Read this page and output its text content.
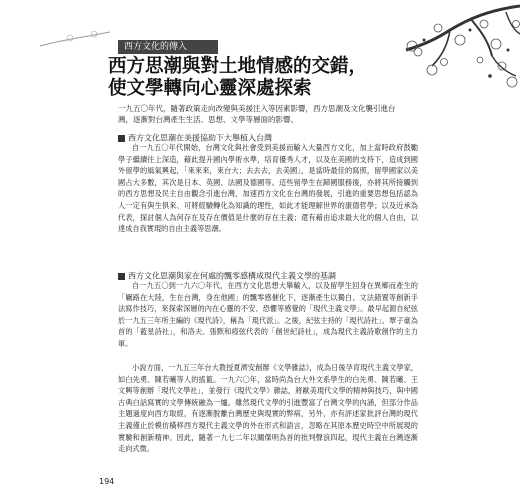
西方文化的傳入
西方思潮與對土地情感的交錯，
使文學轉向心靈深處探索
一九五〇年代，隨著政策走向改變與美援注入等因素影響，西方思潮及文化襲引進台灣，逐漸對台灣產生生活、思想、文學等層面的影響。
西方文化思潮在美援協助下大舉植入台灣
自一九五〇年代開始，台灣文化與社會受到美援而輸入大量西方文化，加上當時政府鼓勵學子繼續往上深造，藉此提升國內學術水準，培育優秀人才，以及在美國的支持下，造成到國外留學的風氣興起，「來來來，來台大；去去去，去美國」，是當時最佳的寫照，留學國家以美國占大多數，其次是日本、英國、法國及德國等。這些留學生在歸國服務後，亦將其所接觸到的西方思想及民主自由觀念引進台灣，加速西方文化在台灣的發展，引進的重要思想包括認為人一定有與生俱來、可將經驗轉化為知識的理性，如此才能理解世界的康德哲學；以及近承為代表，探討個人為何存在及存在價值是什麼的存在主義；還有藉由追求最大化的個人自由，以達成自我實現的自由主義等思潮。
西方文化思潮與家在何處的飄零感構成現代主義文學的基調
自一九五〇到一九六〇年代，在西方文化思想大舉輸入，以及留學生回身在異鄉而產生的「羈路在大陸，生在台灣，身在他國」的飄零感催化下，逐漸產生以獨白、文法錯置等創新手法寫作技巧，來探索深層的內在心靈的不安、恐懼等感覺的「現代主義文學」。最早起源自紀弦於一九五三年所主編的《現代詩》，稱為「現代派」。之後，紀弦主持的「現代詩社」、覃子豪為首的「藍星詩社」，和洛夫、張默和瘂弦代表的「創世紀詩社」，成為現代主義詩歌創作的主力軍。
小說方面，一九五三年台大教授夏濟安創辦《文學雜誌》，成為日後孕育現代主義文學家，如白先勇、陳若曦等人的搖籃。一九六〇年，當時尚為台大外文系學生的白先勇、陳若曦、王文興等創辦「現代文學社」，並發行《現代文學》雜誌，將歐美現代文學的精神與技巧，與中國古典白話寫實的文學傳統融為一爐。雖然現代文學的引進豐富了台灣文學的內涵，但部分作品主題過度向西方取經，有逐漸脫離台灣歷史與現實的弊病，另外，亦有評述家批評台灣的現代主義僅止於模仿橫移西方現代主義文學的外在形式和語言，忽略在其原本歷史時空中所展現的實驗和創新精神。因此，隨著一九七二年以關傑明為首的批判聲浪四起，現代主義在台灣逐漸走向式微。
194
